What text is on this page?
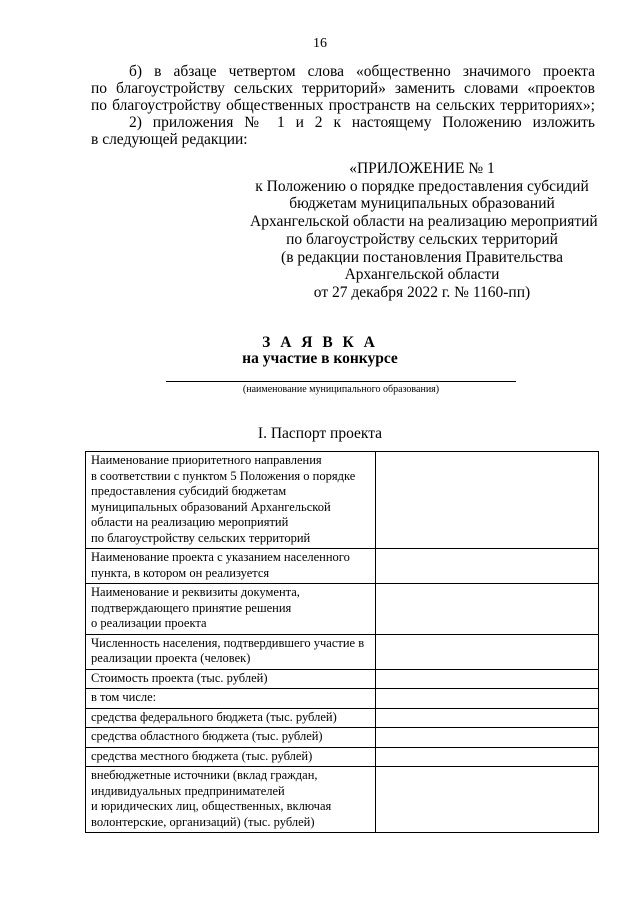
16
б) в абзаце четвертом слова «общественно значимого проекта
по благоустройству сельских территорий» заменить словами «проектов
по благоустройству общественных пространств на сельских территориях»;
2) приложения № 1 и 2 к настоящему Положению изложить
в следующей редакции:
«ПРИЛОЖЕНИЕ № 1
к Положению о порядке предоставления субсидий
бюджетам муниципальных образований
Архангельской области на реализацию мероприятий
по благоустройству сельских территорий
(в редакции постановления Правительства
Архангельской области
от 27 декабря 2022 г. № 1160-пп)
З А Я В К А
на участие в конкурсе
(наименование муниципального образования)
I. Паспорт проекта
Наименование приоритетного направления
в соответствии с пунктом 5 Положения о порядке предоставления субсидий бюджетам муниципальных образований Архангельской области на реализацию мероприятий
по благоустройству сельских территорий	
Наименование проекта с указанием населенного пункта, в котором он реализуется	
Наименование и реквизиты документа, подтверждающего принятие решения
о реализации проекта	
Численность населения, подтвердившего участие в реализации проекта (человек)	
Стоимость проекта (тыс. рублей)	
в том числе:	
средства федерального бюджета (тыс. рублей)	
средства областного бюджета (тыс. рублей)	
средства местного бюджета (тыс. рублей)	
внебюджетные источники (вклад граждан, индивидуальных предпринимателей
и юридических лиц, общественных, включая волонтерские, организаций) (тыс. рублей)	
